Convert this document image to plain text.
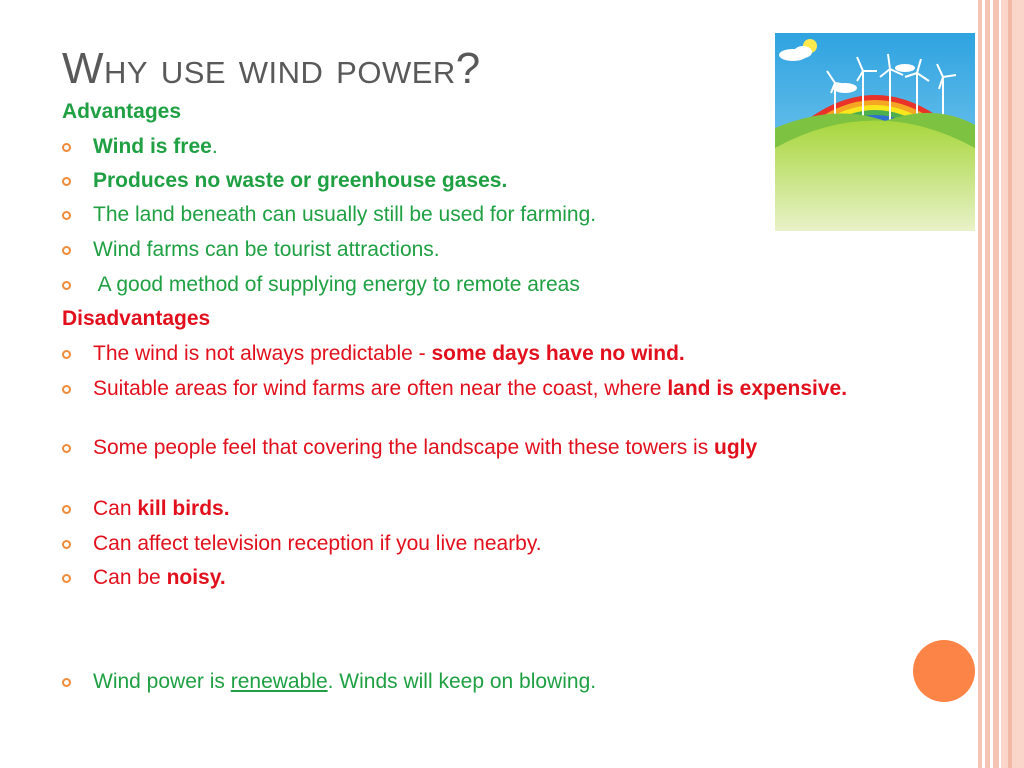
Why use wind power?
Advantages
Wind is free.
Produces no waste or greenhouse gases.
The land beneath can usually still be used for farming.
Wind farms can be tourist attractions.
A good method of supplying energy to remote areas
Disadvantages
The wind is not always predictable - some days have no wind.
Suitable areas for wind farms are often near the coast, where land is expensive.
Some people feel that covering the landscape with these towers is ugly
Can kill birds.
Can affect television reception if you live nearby.
Can be noisy.
Wind power is renewable. Winds will keep on blowing.
